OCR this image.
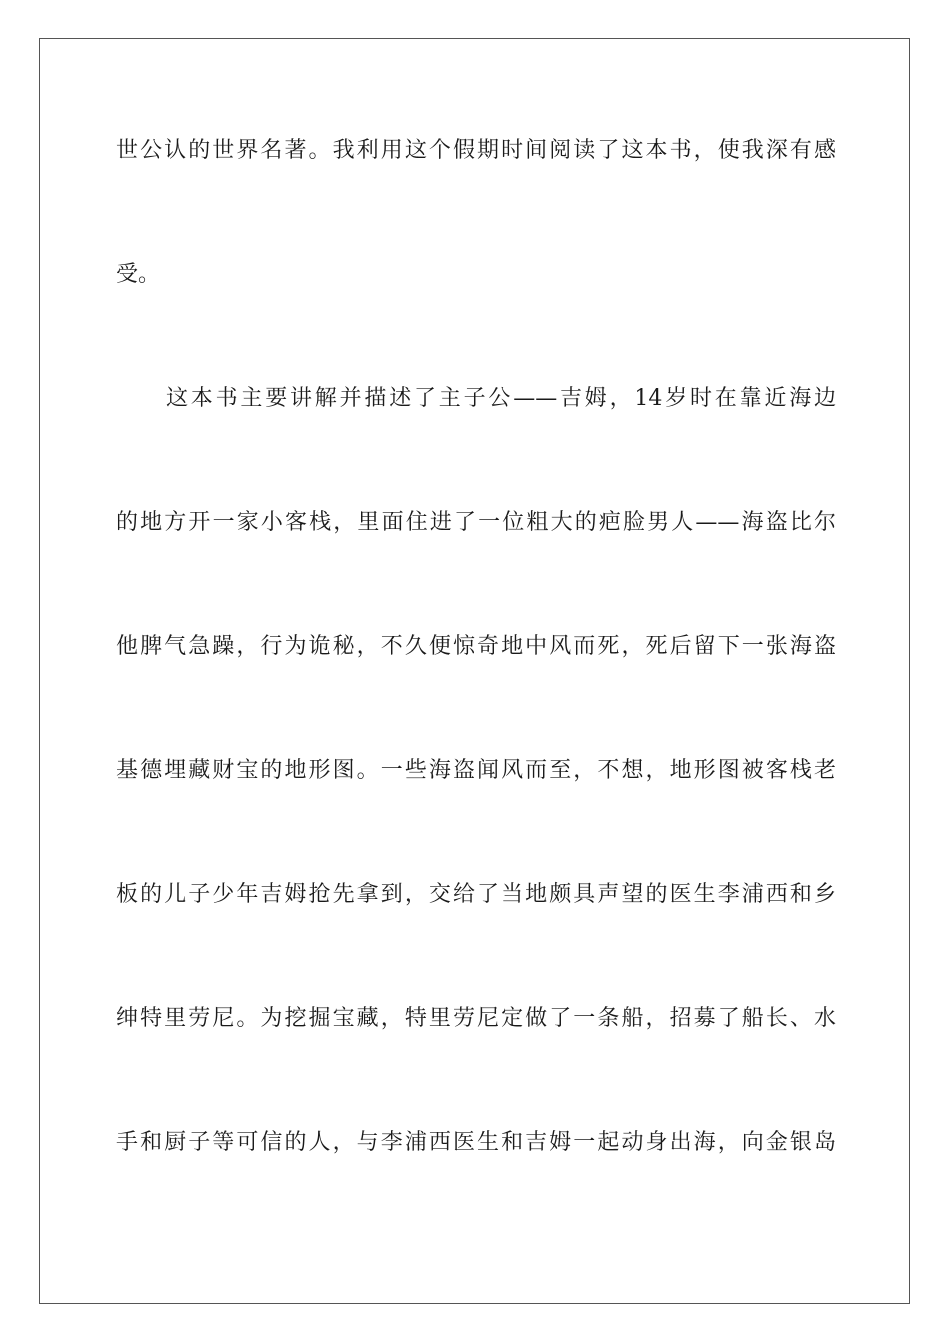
世公认的世界名著。我利用这个假期时间阅读了这本书，使我深有感

受。

这本书主要讲解并描述了主子公——吉姆，14岁时在靠近海边

的地方开一家小客栈，里面住进了一位粗大的疤脸男人——海盗比尔

他脾气急躁，行为诡秘，不久便惊奇地中风而死，死后留下一张海盗

基德埋藏财宝的地形图。一些海盗闻风而至，不想，地形图被客栈老

板的儿子少年吉姆抢先拿到，交给了当地颇具声望的医生李浦西和乡

绅特里劳尼。为挖掘宝藏，特里劳尼定做了一条船，招募了船长、水

手和厨子等可信的人，与李浦西医生和吉姆一起动身出海，向金银岛
